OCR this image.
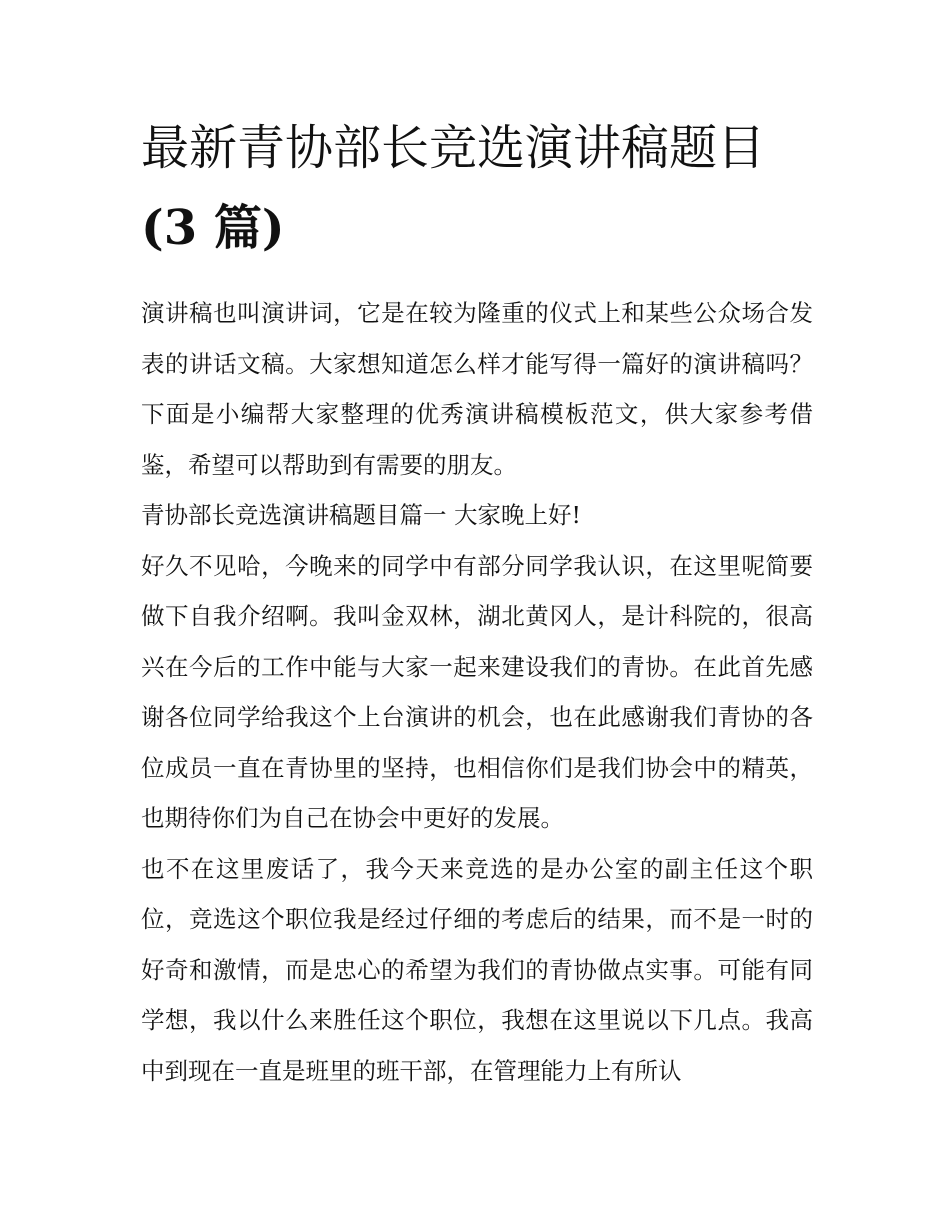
最新青协部长竞选演讲稿题目
(3 篇)

演讲稿也叫演讲词，它是在较为隆重的仪式上和某些公众场合发表的讲话文稿。大家想知道怎么样才能写得一篇好的演讲稿吗？下面是小编帮大家整理的优秀演讲稿模板范文，供大家参考借鉴，希望可以帮助到有需要的朋友。

青协部长竞选演讲稿题目篇一 大家晚上好!

好久不见哈，今晚来的同学中有部分同学我认识，在这里呢简要做下自我介绍啊。我叫金双林，湖北黄冈人，是计科院的，很高兴在今后的工作中能与大家一起来建设我们的青协。在此首先感谢各位同学给我这个上台演讲的机会，也在此感谢我们青协的各位成员一直在青协里的坚持，也相信你们是我们协会中的精英，也期待你们为自己在协会中更好的发展。

也不在这里废话了，我今天来竞选的是办公室的副主任这个职位，竞选这个职位我是经过仔细的考虑后的结果，而不是一时的好奇和激情，而是忠心的希望为我们的青协做点实事。可能有同学想，我以什么来胜任这个职位，我想在这里说以下几点。我高中到现在一直是班里的班干部，在管理能力上有所认
